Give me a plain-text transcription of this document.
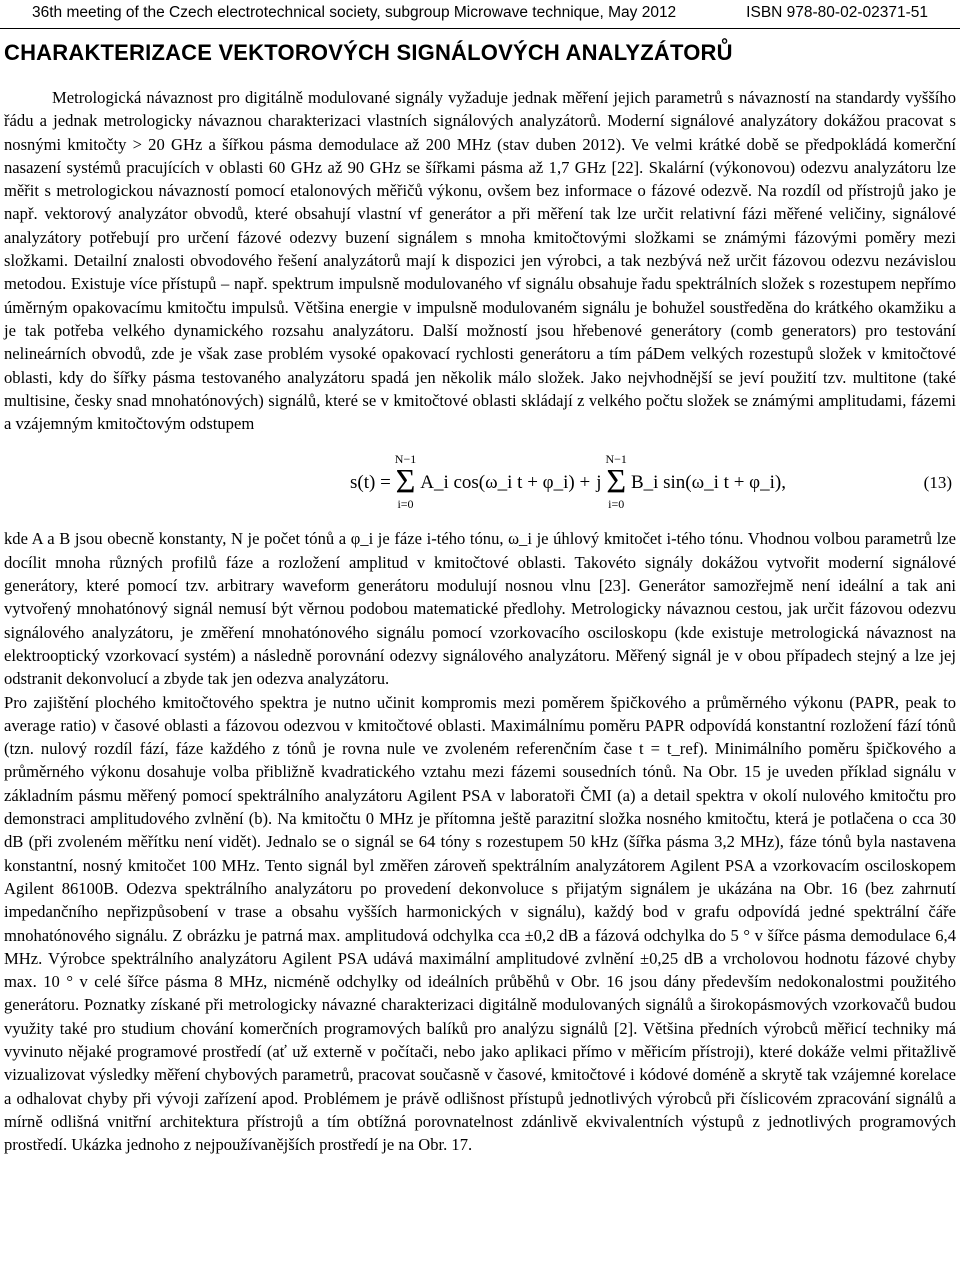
36th meeting of the Czech electrotechnical society, subgroup Microwave technique, May 2012	ISBN 978-80-02-02371-51
CHARAKTERIZACE VEKTOROVÝCH SIGNÁLOVÝCH ANALYZÁTORŮ

Metrologická návaznost pro digitálně modulované signály vyžaduje jednak měření jejich parametrů s návazností na standardy vyššího řádu a jednak metrologicky návaznou charakterizaci vlastních signálových analyzátorů. Moderní signálové analyzátory dokážou pracovat s nosnými kmitočty > 20 GHz a šířkou pásma demodulace až 200 MHz (stav duben 2012). Ve velmi krátké době se předpokládá komerční nasazení systémů pracujících v oblasti 60 GHz až 90 GHz se šířkami pásma až 1,7 GHz [22]. Skalární (výkonovou) odezvu analyzátoru lze měřit s metrologickou návazností pomocí etalonových měřičů výkonu, ovšem bez informace o fázové odezvě. Na rozdíl od přístrojů jako je např. vektorový analyzátor obvodů, které obsahují vlastní vf generátor a při měření tak lze určit relativní fázi měřené veličiny, signálové analyzátory potřebují pro určení fázové odezvy buzení signálem s mnoha kmitočtovými složkami se známými fázovými poměry mezi složkami. Detailní znalosti obvodového řešení analyzátorů mají k dispozici jen výrobci, a tak nezbývá než určit fázovou odezvu nezávislou metodou. Existuje více přístupů – např. spektrum impulsně modulovaného vf signálu obsahuje řadu spektrálních složek s rozestupem nepřímo úměrným opakovacímu kmitočtu impulsů. Většina energie v impulsně modulovaném signálu je bohužel soustředěna do krátkého okamžiku a je tak potřeba velkého dynamického rozsahu analyzátoru. Další možností jsou hřebenové generátory (comb generators) pro testování nelineárních obvodů, zde je však zase problém vysoké opakovací rychlosti generátoru a tím páDem velkých rozestupů složek v kmitočtové oblasti, kdy do šířky pásma testovaného analyzátoru spadá jen několik málo složek. Jako nejvhodnější se jeví použití tzv. multitone (také multisine, česky snad mnohatónových) signálů, které se v kmitočtové oblasti skládají z velkého počtu složek se známými amplitudami, fázemi a vzájemným kmitočtovým odstupem

s(t) =
N−1
Σ
i=0
A_i cos(ω_i t + φ_i) + j
N−1
Σ
i=0
B_i sin(ω_i t + φ_i),	(13)

kde A a B jsou obecně konstanty, N je počet tónů a φ_i je fáze i-tého tónu, ω_i je úhlový kmitočet i-tého tónu. Vhodnou volbou parametrů lze docílit mnoha různých profilů fáze a rozložení amplitud v kmitočtové oblasti. Takovéto signály dokážou vytvořit moderní signálové generátory, které pomocí tzv. arbitrary waveform generátoru modulují nosnou vlnu [23]. Generátor samozřejmě není ideální a tak ani vytvořený mnohatónový signál nemusí být věrnou podobou matematické předlohy. Metrologicky návaznou cestou, jak určit fázovou odezvu signálového analyzátoru, je změření mnohatónového signálu pomocí vzorkovacího osciloskopu (kde existuje metrologická návaznost na elektrooptický vzorkovací systém) a následně porovnání odezvy signálového analyzátoru. Měřený signál je v obou případech stejný a lze jej odstranit dekonvolucí a zbyde tak jen odezva analyzátoru.

Pro zajištění plochého kmitočtového spektra je nutno učinit kompromis mezi poměrem špičkového a průměrného výkonu (PAPR, peak to average ratio) v časové oblasti a fázovou odezvou v kmitočtové oblasti. Maximálnímu poměru PAPR odpovídá konstantní rozložení fází tónů (tzn. nulový rozdíl fází, fáze každého z tónů je rovna nule ve zvoleném referenčním čase t = t_ref). Minimálního poměru špičkového a průměrného výkonu dosahuje volba přibližně kvadratického vztahu mezi fázemi sousedních tónů. Na Obr. 15 je uveden příklad signálu v základním pásmu měřený pomocí spektrálního analyzátoru Agilent PSA v laboratoři ČMI (a) a detail spektra v okolí nulového kmitočtu pro demonstraci amplitudového zvlnění (b). Na kmitočtu 0 MHz je přítomna ještě parazitní složka nosného kmitočtu, která je potlačena o cca 30 dB (při zvoleném měřítku není vidět). Jednalo se o signál se 64 tóny s rozestupem 50 kHz (šířka pásma 3,2 MHz), fáze tónů byla nastavena konstantní, nosný kmitočet 100 MHz. Tento signál byl změřen zároveň spektrálním analyzátorem Agilent PSA a vzorkovacím osciloskopem Agilent 86100B. Odezva spektrálního analyzátoru po provedení dekonvoluce s přijatým signálem je ukázána na Obr. 16 (bez zahrnutí impedančního nepřizpůsobení v trase a obsahu vyšších harmonických v signálu), každý bod v grafu odpovídá jedné spektrální čáře mnohatónového signálu. Z obrázku je patrná max. amplitudová odchylka cca ±0,2 dB a fázová odchylka do 5 ° v šířce pásma demodulace 6,4 MHz. Výrobce spektrálního analyzátoru Agilent PSA udává maximální amplitudové zvlnění ±0,25 dB a vrcholovou hodnotu fázové chyby max. 10 ° v celé šířce pásma 8 MHz, nicméně odchylky od ideálních průběhů v Obr. 16 jsou dány především nedokonalostmi použitého generátoru. Poznatky získané při metrologicky návazné charakterizaci digitálně modulovaných signálů a širokopásmových vzorkovačů budou využity také pro studium chování komerčních programových balíků pro analýzu signálů [2]. Většina předních výrobců měřicí techniky má vyvinuto nějaké programové prostředí (ať už externě v počítači, nebo jako aplikaci přímo v měřicím přístroji), které dokáže velmi přitažlivě vizualizovat výsledky měření chybových parametrů, pracovat současně v časové, kmitočtové i kódové doméně a skrytě tak vzájemné korelace a odhalovat chyby při vývoji zařízení apod. Problémem je právě odlišnost přístupů jednotlivých výrobců při číslicovém zpracování signálů a mírně odlišná vnitřní architektura přístrojů a tím obtížná porovnatelnost zdánlivě ekvivalentních výstupů z jednotlivých programových prostředí. Ukázka jednoho z nejpoužívanějších prostředí je na Obr. 17.
